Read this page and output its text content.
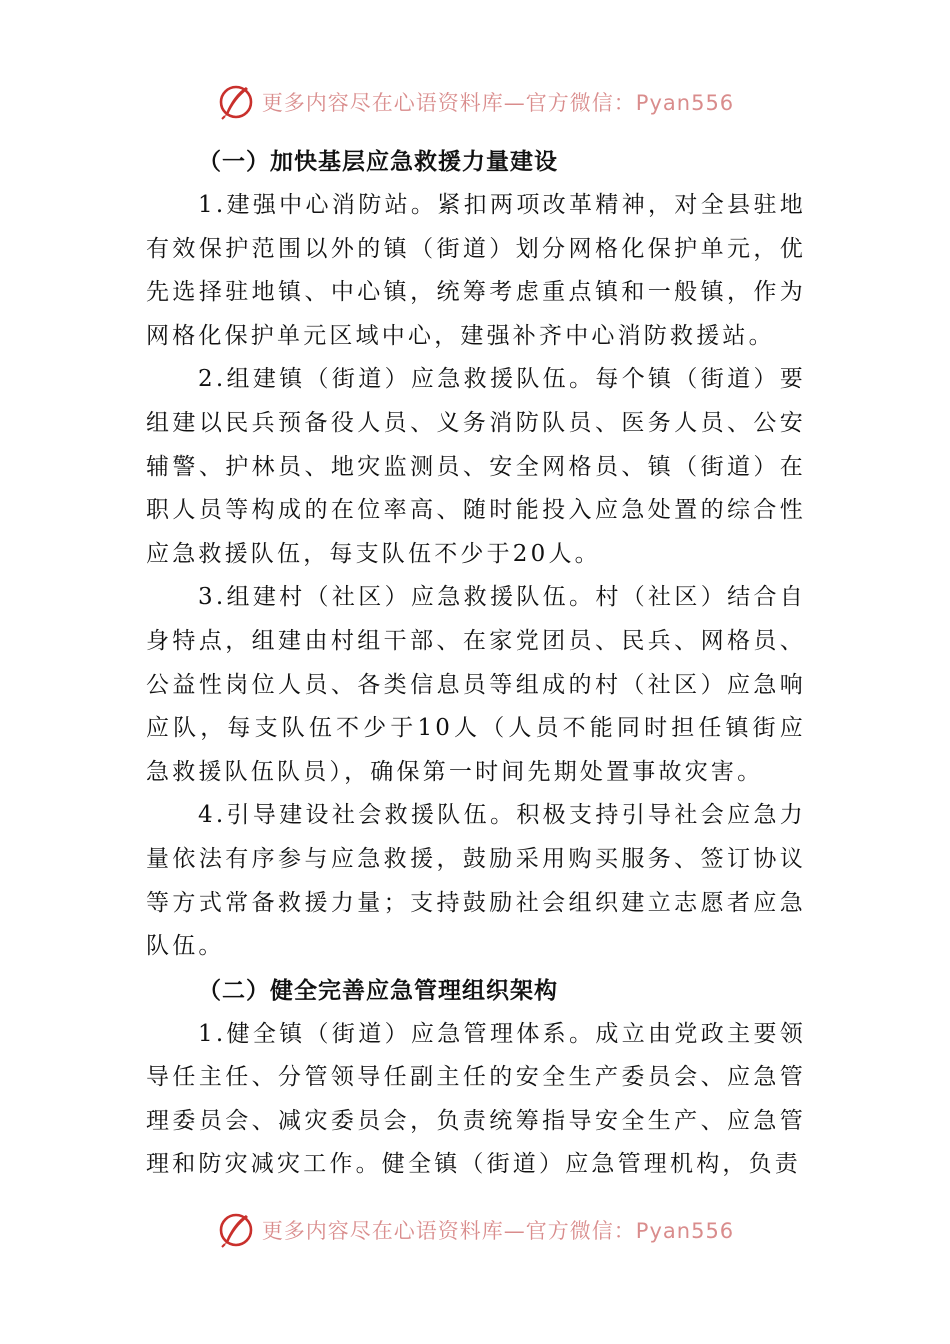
更多内容尽在心语资料库—官方微信：Pyan556
（一）加快基层应急救援力量建设

1.建强中心消防站。紧扣两项改革精神，对全县驻地有效保护范围以外的镇（街道）划分网格化保护单元，优先选择驻地镇、中心镇，统筹考虑重点镇和一般镇，作为网格化保护单元区域中心，建强补齐中心消防救援站。

2.组建镇（街道）应急救援队伍。每个镇（街道）要组建以民兵预备役人员、义务消防队员、医务人员、公安辅警、护林员、地灾监测员、安全网格员、镇（街道）在职人员等构成的在位率高、随时能投入应急处置的综合性应急救援队伍，每支队伍不少于20人。

3.组建村（社区）应急救援队伍。村（社区）结合自身特点，组建由村组干部、在家党团员、民兵、网格员、公益性岗位人员、各类信息员等组成的村（社区）应急响应队，每支队伍不少于10人（人员不能同时担任镇街应急救援队伍队员），确保第一时间先期处置事故灾害。

4.引导建设社会救援队伍。积极支持引导社会应急力量依法有序参与应急救援，鼓励采用购买服务、签订协议等方式常备救援力量；支持鼓励社会组织建立志愿者应急队伍。

（二）健全完善应急管理组织架构

1.健全镇（街道）应急管理体系。成立由党政主要领导任主任、分管领导任副主任的安全生产委员会、应急管理委员会、减灾委员会，负责统筹指导安全生产、应急管理和防灾减灾工作。健全镇（街道）应急管理机构，负责

更多内容尽在心语资料库—官方微信：Pyan556
